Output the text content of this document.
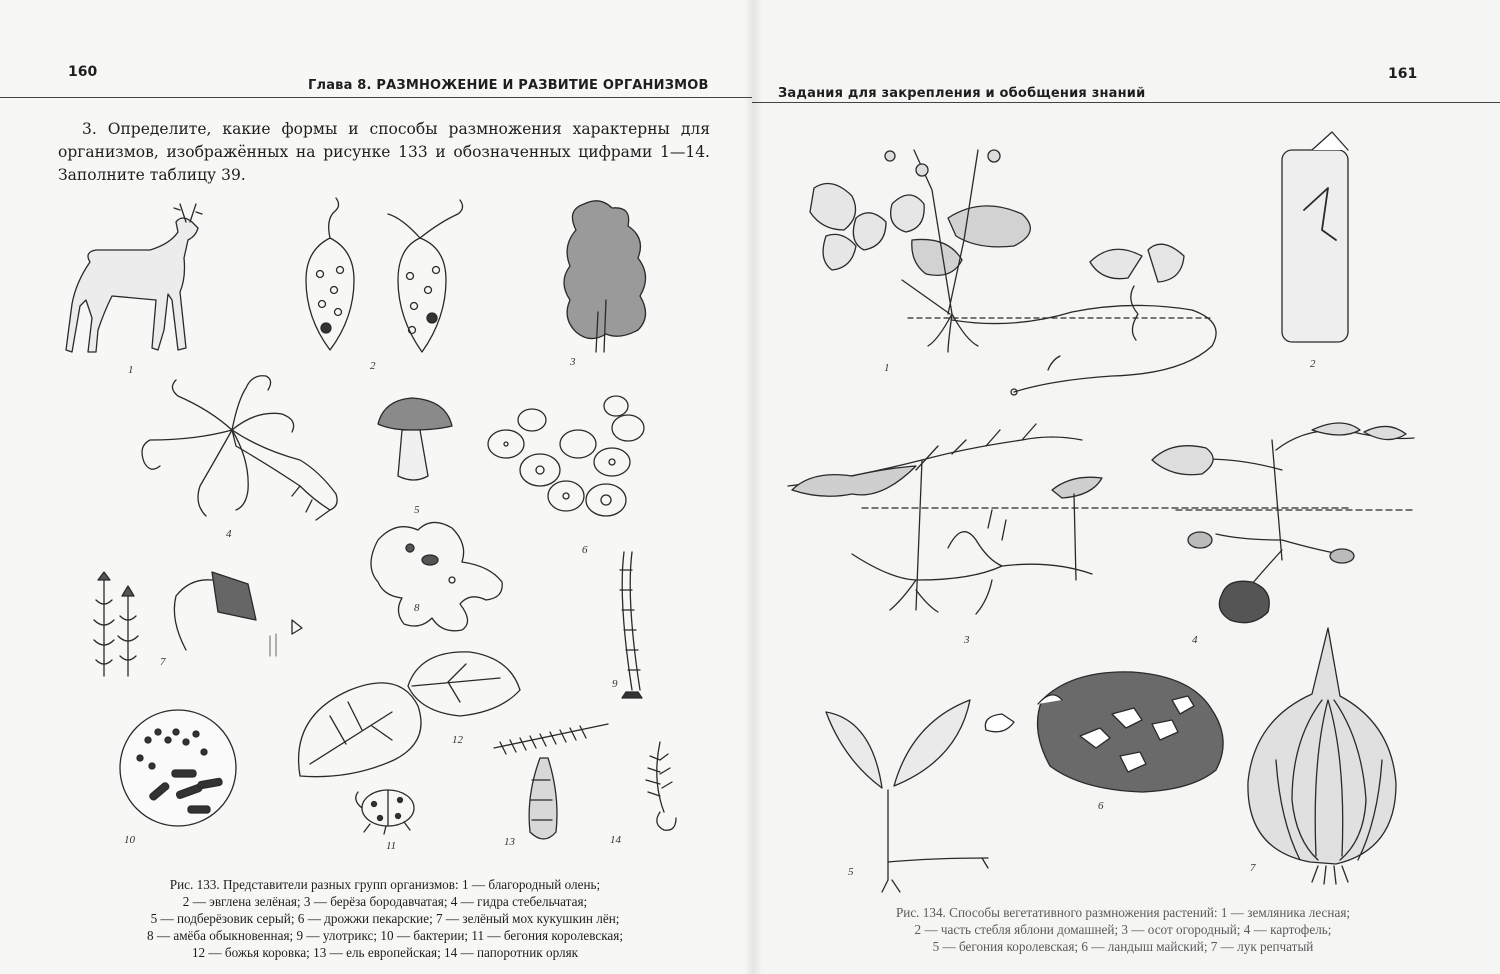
160
Глава 8. РАЗМНОЖЕНИЕ И РАЗВИТИЕ ОРГАНИЗМОВ
3. Определите, какие формы и способы размножения характерны для организмов, изображённых на рисунке 133 и обозначенных цифрами 1—14. Заполните таблицу 39.
1	2	3
4
5
6
7
8
9
10	11
12
13	14
Рис. 133. Представители разных групп организмов: 1 — благородный олень;
2 — эвглена зелёная; 3 — берёза бородавчатая; 4 — гидра стебельчатая;
5 — подберёзовик серый; 6 — дрожжи пекарские; 7 — зелёный мох кукушкин лён;
8 — амёба обыкновенная; 9 — улотрикс; 10 — бактерии; 11 — бегония королевская;
12 — божья коровка; 13 — ель европейская; 14 — папоротник орляк
161
Задания для закрепления и обобщения знаний
1	2
3	4
5
6
7
Рис. 134. Способы вегетативного размножения растений: 1 — земляника лесная;
2 — часть стебля яблони домашней; 3 — осот огородный; 4 — картофель;
5 — бегония королевская; 6 — ландыш майский; 7 — лук репчатый
